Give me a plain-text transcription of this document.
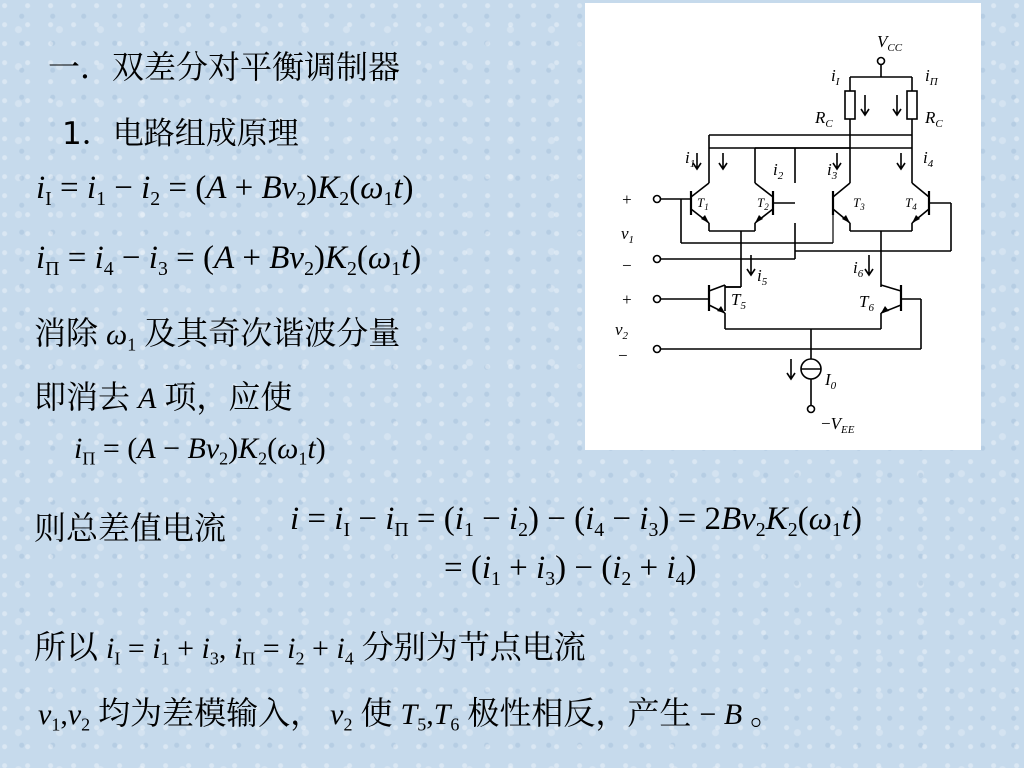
一．双差分对平衡调制器
1．电路组成原理
$i_I = i_1 - i_2 = (A + Bv_2)K_2(\omega_1t)$
$i_\Pi = i_4 - i_3 = (A + Bv_2)K_2(\omega_1t)$
消除 $\omega_1$ 及其奇次谐波分量
即消去 A 项，应使
$i_\Pi = (A - Bv_2)K_2(\omega_1t)$
则总差值电流 $i = i_I - i_\Pi = (i_1 - i_2) - (i_4 - i_3) = 2Bv_2K_2(\omega_1t)$
= $(i_1 + i_3) - (i_2 + i_4)$
所以 $i_I = i_1 + i_3$, $i_\Pi = i_2 + i_4$ 分别为节点电流
$v_1,v_2$ 均为差模输入， $v_2$ 使 $T_5,T_6$ 极性相反，产生 − B 。
$V_{CC}$
$i_I$	$i_\Pi$
$R_C$	$R_C$
$i_1$	$i_2$	$i_3$
$i_4$
$T_1$	$T_2$	$T_3$	$T_4$
$i_5$
$i_6$
$T_5$	$T_6$
+
$v_1$
−
+
$v_2$
−
$I_0$
$-V_{EE}$
